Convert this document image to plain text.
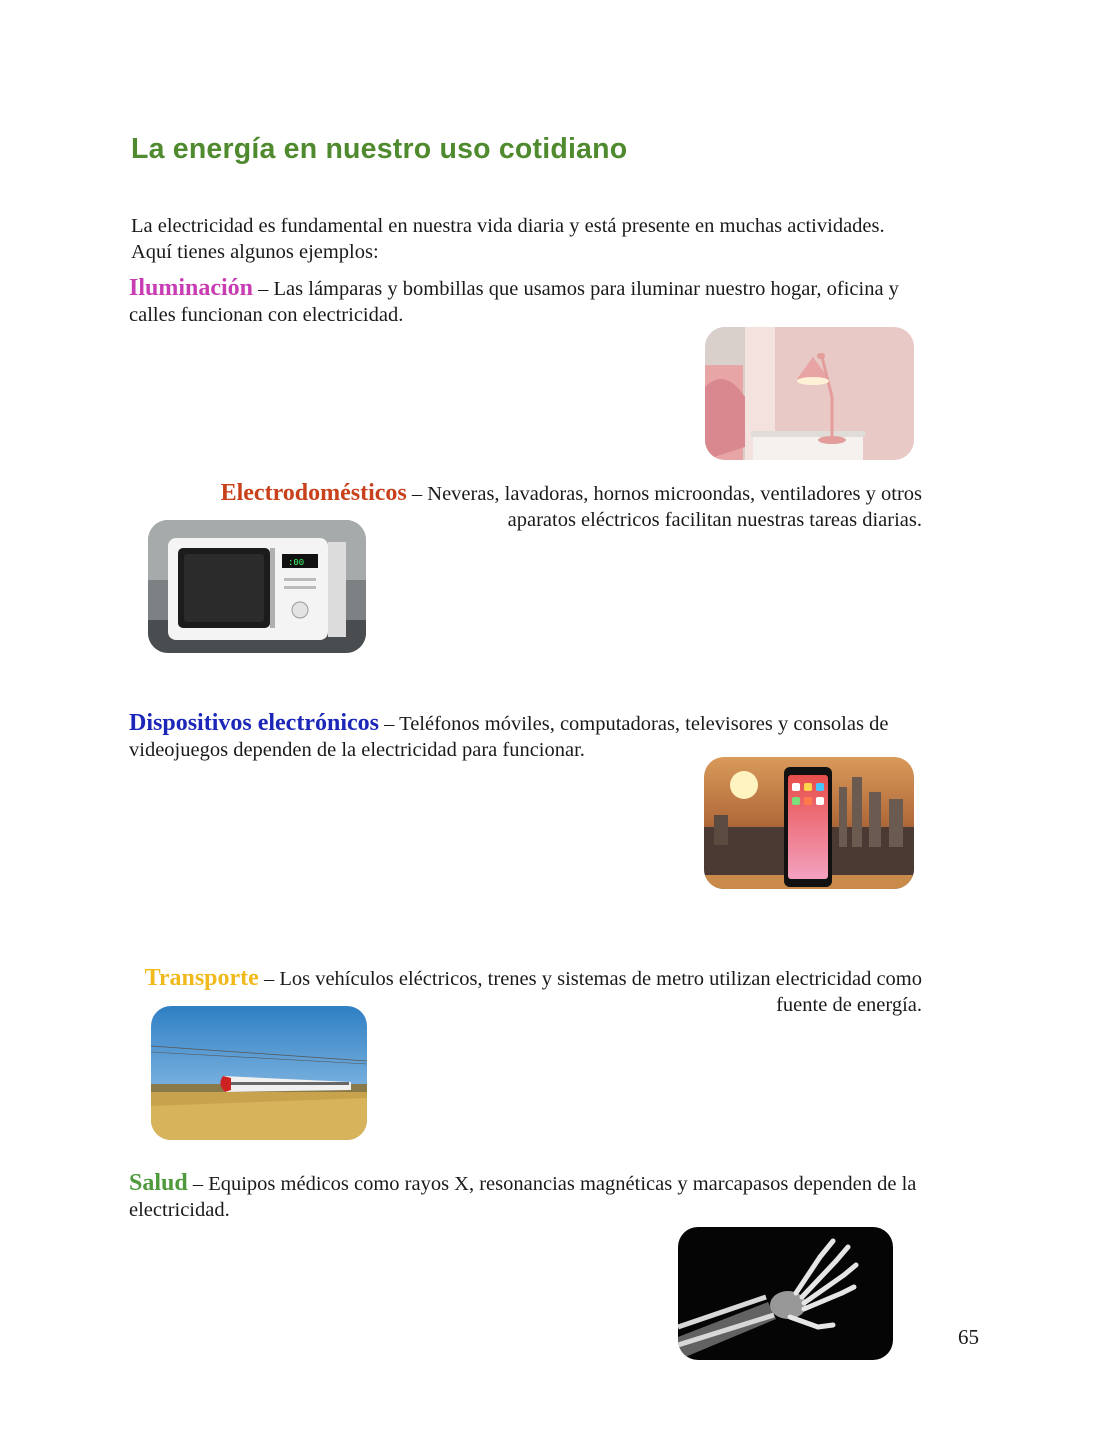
La energía en nuestro uso cotidiano

La electricidad es fundamental en nuestra vida diaria y está presente en muchas actividades.
Aquí tienes algunos ejemplos:

Iluminación – Las lámparas y bombillas que usamos para iluminar nuestro hogar, oficina y calles funcionan con electricidad.

Electrodomésticos – Neveras, lavadoras, hornos microondas, ventiladores y otros aparatos eléctricos facilitan nuestras tareas diarias.

:00

Dispositivos electrónicos – Teléfonos móviles, computadoras, televisores y consolas de videojuegos dependen de la electricidad para funcionar.

Transporte – Los vehículos eléctricos, trenes y sistemas de metro utilizan electricidad como fuente de energía.

Salud – Equipos médicos como rayos X, resonancias magnéticas y marcapasos dependen de la electricidad.

65
